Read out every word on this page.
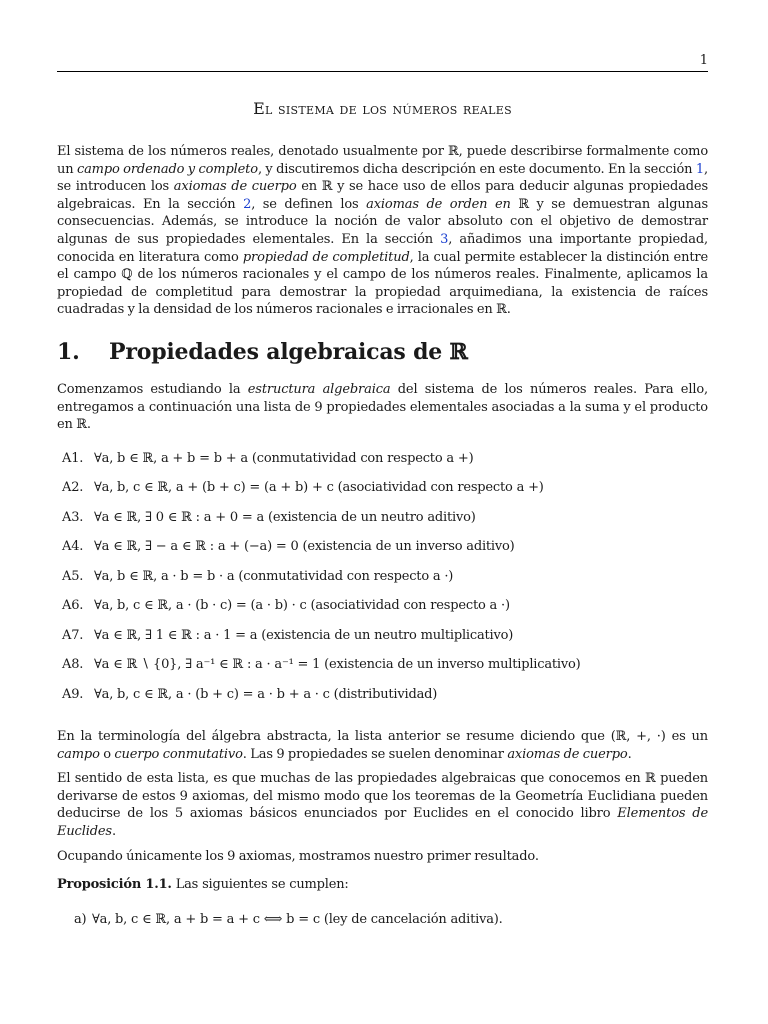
1
El sistema de los números reales
El sistema de los números reales, denotado usualmente por ℝ, puede describirse formalmente como un campo ordenado y completo, y discutiremos dicha descripción en este documento. En la sección 1, se introducen los axiomas de cuerpo en ℝ y se hace uso de ellos para deducir algunas propiedades algebraicas. En la sección 2, se definen los axiomas de orden en ℝ y se demuestran algunas consecuencias. Además, se introduce la noción de valor absoluto con el objetivo de demostrar algunas de sus propiedades elementales. En la sección 3, añadimos una importante propiedad, conocida en literatura como propiedad de completitud, la cual permite establecer la distinción entre el campo ℚ de los números racionales y el campo de los números reales. Finalmente, aplicamos la propiedad de completitud para demostrar la propiedad arquimediana, la existencia de raíces cuadradas y la densidad de los números racionales e irracionales en ℝ.
1. Propiedades algebraicas de ℝ
Comenzamos estudiando la estructura algebraica del sistema de los números reales. Para ello, entregamos a continuación una lista de 9 propiedades elementales asociadas a la suma y el producto en ℝ.
A1. ∀a, b ∈ ℝ, a + b = b + a (conmutatividad con respecto a +)
A2. ∀a, b, c ∈ ℝ, a + (b + c) = (a + b) + c (asociatividad con respecto a +)
A3. ∀a ∈ ℝ, ∃ 0 ∈ ℝ : a + 0 = a (existencia de un neutro aditivo)
A4. ∀a ∈ ℝ, ∃ − a ∈ ℝ : a + (−a) = 0 (existencia de un inverso aditivo)
A5. ∀a, b ∈ ℝ, a · b = b · a (conmutatividad con respecto a ·)
A6. ∀a, b, c ∈ ℝ, a · (b · c) = (a · b) · c (asociatividad con respecto a ·)
A7. ∀a ∈ ℝ, ∃ 1 ∈ ℝ : a · 1 = a (existencia de un neutro multiplicativo)
A8. ∀a ∈ ℝ ∖ {0}, ∃ a⁻¹ ∈ ℝ : a · a⁻¹ = 1 (existencia de un inverso multiplicativo)
A9. ∀a, b, c ∈ ℝ, a · (b + c) = a · b + a · c (distributividad)
En la terminología del álgebra abstracta, la lista anterior se resume diciendo que (ℝ, +, ·) es un campo o cuerpo conmutativo. Las 9 propiedades se suelen denominar axiomas de cuerpo.
El sentido de esta lista, es que muchas de las propiedades algebraicas que conocemos en ℝ pueden derivarse de estos 9 axiomas, del mismo modo que los teoremas de la Geometría Euclidiana pueden deducirse de los 5 axiomas básicos enunciados por Euclides en el conocido libro Elementos de Euclides.
Ocupando únicamente los 9 axiomas, mostramos nuestro primer resultado.
Proposición 1.1. Las siguientes se cumplen:
a) ∀a, b, c ∈ ℝ, a + b = a + c ⟺ b = c (ley de cancelación aditiva).
